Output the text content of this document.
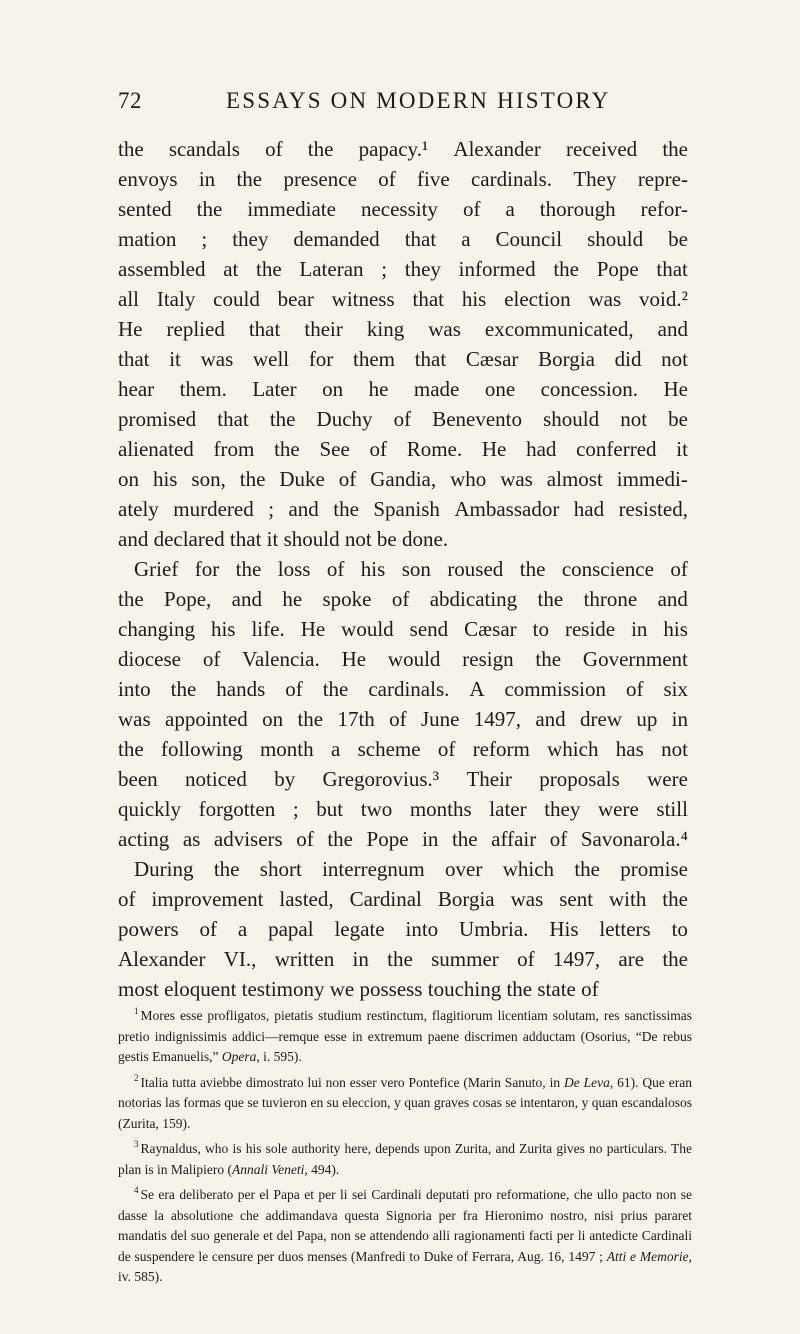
72	ESSAYS ON MODERN HISTORY
the scandals of the papacy.¹ Alexander received the
envoys in the presence of five cardinals. They repre-
sented the immediate necessity of a thorough refor-
mation ; they demanded that a Council should be
assembled at the Lateran ; they informed the Pope that
all Italy could bear witness that his election was void.²
He replied that their king was excommunicated, and
that it was well for them that Cæsar Borgia did not
hear them. Later on he made one concession. He
promised that the Duchy of Benevento should not be
alienated from the See of Rome. He had conferred it
on his son, the Duke of Gandia, who was almost immedi-
ately murdered ; and the Spanish Ambassador had resisted,
and declared that it should not be done.
Grief for the loss of his son roused the conscience of
the Pope, and he spoke of abdicating the throne and
changing his life. He would send Cæsar to reside in his
diocese of Valencia. He would resign the Government
into the hands of the cardinals. A commission of six
was appointed on the 17th of June 1497, and drew up in
the following month a scheme of reform which has not
been noticed by Gregorovius.³ Their proposals were
quickly forgotten ; but two months later they were still
acting as advisers of the Pope in the affair of Savonarola.⁴
During the short interregnum over which the promise
of improvement lasted, Cardinal Borgia was sent with the
powers of a papal legate into Umbria. His letters to
Alexander VI., written in the summer of 1497, are the
most eloquent testimony we possess touching the state of

$^1$ Mores esse profligatos, pietatis studium restinctum, flagitiorum licentiam solutam, res sanctissimas pretio indignissimis addici—remque esse in extremum paene discrimen adductam (Osorius, “De rebus gestis Emanuelis,” Opera, i. 595).

$^2$ Italia tutta aviebbe dimostrato lui non esser vero Pontefice (Marin Sanuto, in De Leva, 61). Que eran notorias las formas que se tuvieron en su eleccion, y quan graves cosas se intentaron, y quan escandalosos (Zurita, 159).

$^3$ Raynaldus, who is his sole authority here, depends upon Zurita, and Zurita gives no particulars. The plan is in Malipiero (Annali Veneti, 494).

$^4$ Se era deliberato per el Papa et per li sei Cardinali deputati pro reformatione, che ullo pacto non se dasse la absolutione che addimandava questa Signoria per fra Hieronimo nostro, nisi prius pararet mandatis del suo generale et del Papa, non se attendendo alli ragionamenti facti per li antedicte Cardinali de suspendere le censure per duos menses (Manfredi to Duke of Ferrara, Aug. 16, 1497 ; Atti e Memorie, iv. 585).
